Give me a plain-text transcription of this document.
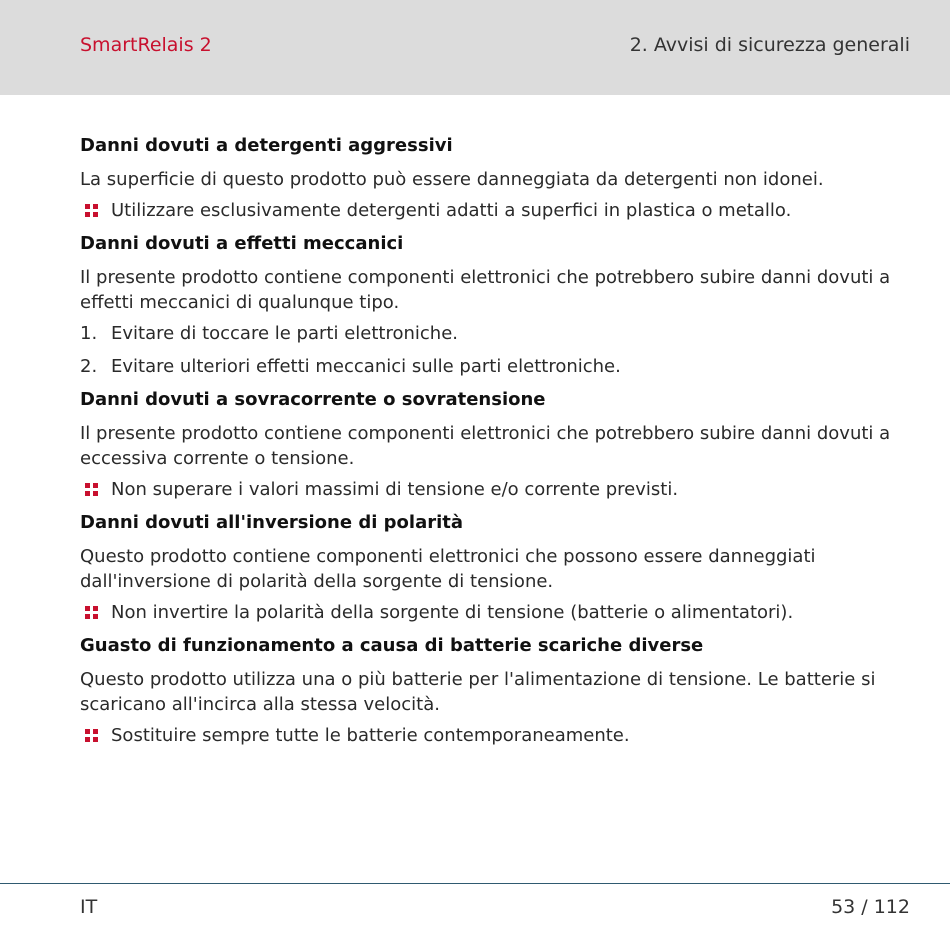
SmartRelais 2	2. Avvisi di sicurezza generali
Danni dovuti a detergenti aggressivi
La superficie di questo prodotto può essere danneggiata da detergenti non idonei.
Utilizzare esclusivamente detergenti adatti a superfici in plastica o metallo.
Danni dovuti a effetti meccanici
Il presente prodotto contiene componenti elettronici che potrebbero subire danni dovuti a effetti meccanici di qualunque tipo.
1. Evitare di toccare le parti elettroniche.
2. Evitare ulteriori effetti meccanici sulle parti elettroniche.
Danni dovuti a sovracorrente o sovratensione
Il presente prodotto contiene componenti elettronici che potrebbero subire danni dovuti a eccessiva corrente o tensione.
Non superare i valori massimi di tensione e/o corrente previsti.
Danni dovuti all'inversione di polarità
Questo prodotto contiene componenti elettronici che possono essere danneggiati dall'inversione di polarità della sorgente di tensione.
Non invertire la polarità della sorgente di tensione (batterie o alimentatori).
Guasto di funzionamento a causa di batterie scariche diverse
Questo prodotto utilizza una o più batterie per l'alimentazione di tensione. Le batterie si scaricano all'incirca alla stessa velocità.
Sostituire sempre tutte le batterie contemporaneamente.
IT	53 / 112
